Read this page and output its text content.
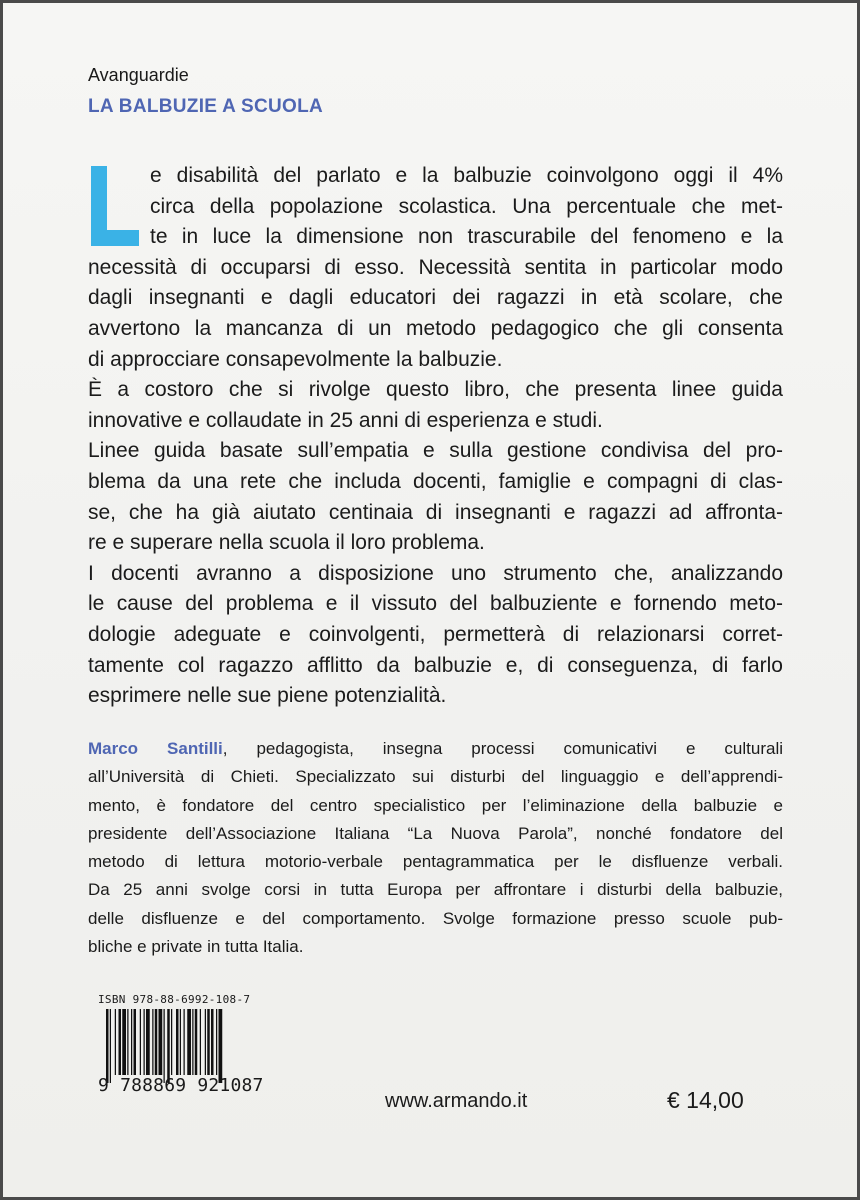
Avanguardie
LA BALBUZIE A SCUOLA
e disabilità del parlato e la balbuzie coinvolgono oggi il 4%
circa della popolazione scolastica. Una percentuale che met-
te in luce la dimensione non trascurabile del fenomeno e la
necessità di occuparsi di esso. Necessità sentita in particolar modo
dagli insegnanti e dagli educatori dei ragazzi in età scolare, che
avvertono la mancanza di un metodo pedagogico che gli consenta
di approcciare consapevolmente la balbuzie.
È a costoro che si rivolge questo libro, che presenta linee guida
innovative e collaudate in 25 anni di esperienza e studi.
Linee guida basate sull’empatia e sulla gestione condivisa del pro-
blema da una rete che includa docenti, famiglie e compagni di clas-
se, che ha già aiutato centinaia di insegnanti e ragazzi ad affronta-
re e superare nella scuola il loro problema.
I docenti avranno a disposizione uno strumento che, analizzando
le cause del problema e il vissuto del balbuziente e fornendo meto-
dologie adeguate e coinvolgenti, permetterà di relazionarsi corret-
tamente col ragazzo afflitto da balbuzie e, di conseguenza, di farlo
esprimere nelle sue piene potenzialità.
Marco Santilli, pedagogista, insegna processi comunicativi e culturali
all’Università di Chieti. Specializzato sui disturbi del linguaggio e dell’apprendi-
mento, è fondatore del centro specialistico per l’eliminazione della balbuzie e
presidente dell’Associazione Italiana “La Nuova Parola”, nonché fondatore del
metodo di lettura motorio-verbale pentagrammatica per le disfluenze verbali.
Da 25 anni svolge corsi in tutta Europa per affrontare i disturbi della balbuzie,
delle disfluenze e del comportamento. Svolge formazione presso scuole pub-
bliche e private in tutta Italia.
ISBN 978-88-6992-108-7
9 788869 921087
www.armando.it	€ 14,00
